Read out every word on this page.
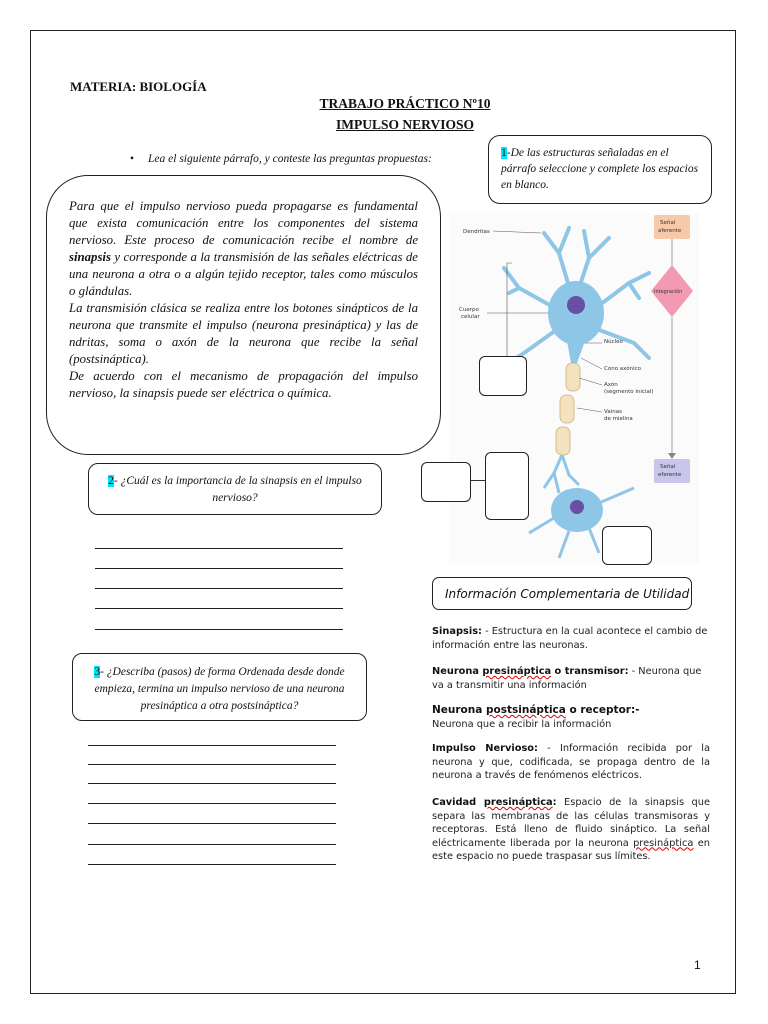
MATERIA: BIOLOGÍA
TRABAJO PRÁCTICO Nº10
IMPULSO NERVIOSO
• Lea el siguiente párrafo, y conteste las preguntas propuestas:	1-De las estructuras señaladas en el párrafo seleccione y complete los espacios en blanco.

Para que el impulso nervioso pueda propagarse es fundamental que exista comunicación entre los componentes del sistema nervioso. Este proceso de comunicación recibe el nombre de sinapsis y corresponde a la transmisión de las señales eléctricas de una neurona a otra o a algún tejido receptor, tales como músculos o glándulas.

La transmisión clásica se realiza entre los botones sinápticos de la neurona que transmite el impulso (neurona presináptica) y las de ndritas, soma o axón de la neurona que recibe la señal (postsináptica).

De acuerdo con el mecanismo de propagación del impulso nervioso, la sinapsis puede ser eléctrica o química.

2- ¿Cuál es la importancia de la sinapsis en el impulso nervioso?
3- ¿Describa (pasos) de forma Ordenada desde donde empieza, termina un impulso nervioso de una neurona presináptica a otra postsináptica?
Dendritas
Cuerpo
celular
Núcleo
Cono axónico
Axón
(segmento inicial)
Vainas
de mielina
Señal
aferente
Integración
Señal
eferente
Información Complementaria de Utilidad
Sinapsis: - Estructura en la cual acontece el cambio de información entre las neuronas.
Neurona presináptica o transmisor: - Neurona que va a transmitir una información
Neurona postsináptica o receptor:-
Neurona que a recibir la información
Impulso Nervioso: - Información recibida por la neurona y que, codificada, se propaga dentro de la neurona a través de fenómenos eléctricos.
Cavidad presináptica: Espacio de la sinapsis que separa las membranas de las células transmisoras y receptoras. Está lleno de fluido sináptico. La señal eléctricamente liberada por la neurona presináptica en este espacio no puede traspasar sus límites.
1
